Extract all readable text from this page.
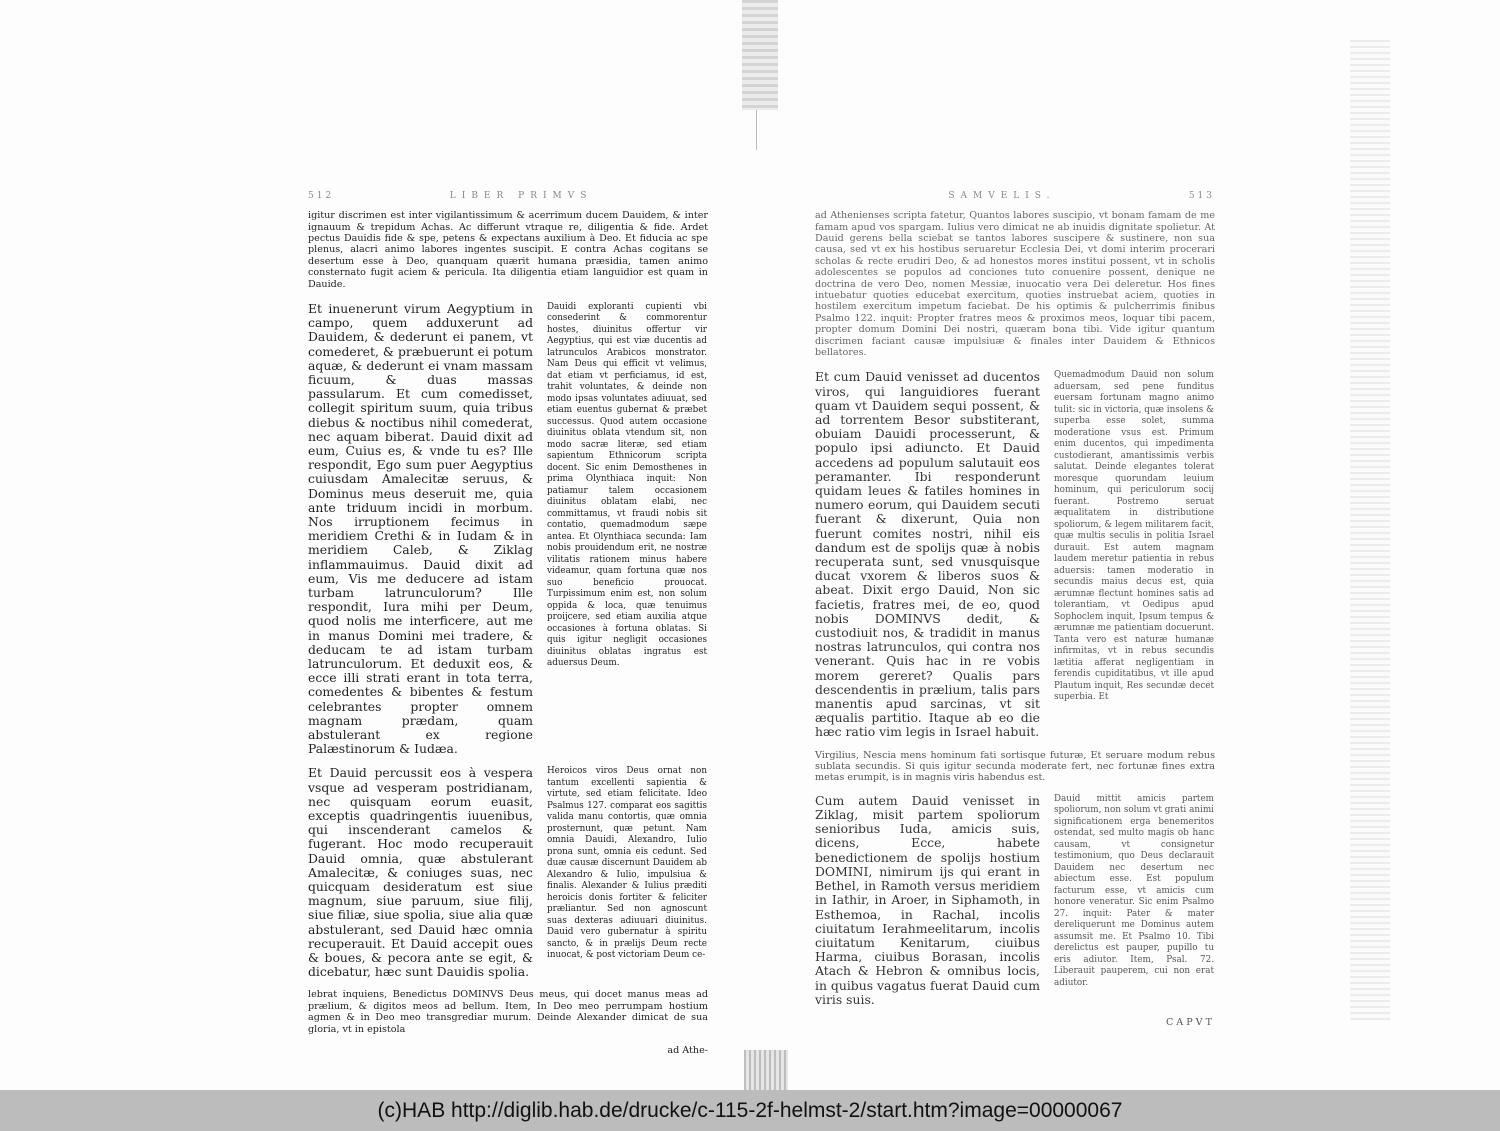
512	LIBER PRIMVS
igitur discrimen est inter vigilantissimum & acerrimum ducem Dauidem, & inter ignauum & trepidum Achas. Ac differunt vtraque re, diligentia & fide. Ardet pectus Dauidis fide & spe, petens & expectans auxilium à Deo. Et fiducia ac spe plenus, alacri animo labores ingentes suscipit. E contra Achas cogitans se desertum esse à Deo, quanquam quærit humana præsidia, tamen animo consternato fugit aciem & pericula. Ita diligentia etiam languidior est quam in Dauide.
Et inuenerunt virum Aegyptium in campo, quem adduxerunt ad Dauidem, & dederunt ei panem, vt comederet, & præbuerunt ei potum aquæ, & dederunt ei vnam massam ficuum, & duas massas passularum. Et cum comedisset, collegit spiritum suum, quia tribus diebus & noctibus nihil comederat, nec aquam biberat. Dauid dixit ad eum, Cuius es, & vnde tu es? Ille respondit, Ego sum puer Aegyptius cuiusdam Amalecitæ seruus, & Dominus meus deseruit me, quia ante triduum incidi in morbum. Nos irruptionem fecimus in meridiem Crethi & in Iudam & in meridiem Caleb, & Ziklag inflammauimus. Dauid dixit ad eum, Vis me deducere ad istam turbam latrunculorum? Ille respondit, Iura mihi per Deum, quod nolis me interficere, aut me in manus Domini mei tradere, & deducam te ad istam turbam latrunculorum. Et deduxit eos, & ecce illi strati erant in tota terra, comedentes & bibentes & festum celebrantes propter omnem magnam prædam, quam abstulerant ex regione Palæstinorum & Iudæa.
Dauidi exploranti cupienti vbi consederint & commorentur hostes, diuinitus offertur vir Aegyptius, qui est viæ ducentis ad latrunculos Arabicos monstrator. Nam Deus qui efficit vt velimus, dat etiam vt perficiamus, id est, trahit voluntates, & deinde non modo ipsas voluntates adiuuat, sed etiam euentus gubernat & præbet successus. Quod autem occasione diuinitus oblata vtendum sit, non modo sacræ literæ, sed etiam sapientum Ethnicorum scripta docent. Sic enim Demosthenes in prima Olynthiaca inquit: Non patiamur talem occasionem diuinitus oblatam elabi, nec committamus, vt fraudi nobis sit contatio, quemadmodum sæpe antea. Et Olynthiaca secunda: Iam nobis prouidendum erit, ne nostræ vilitatis rationem minus habere videamur, quam fortuna quæ nos suo beneficio prouocat. Turpissimum enim est, non solum oppida & loca, quæ tenuimus proijcere, sed etiam auxilia atque occasiones à fortuna oblatas. Si quis igitur negligit occasiones diuinitus oblatas ingratus est aduersus Deum.
Et Dauid percussit eos à vespera vsque ad vesperam postridianam, nec quisquam eorum euasit, exceptis quadringentis iuuenibus, qui inscenderant camelos & fugerant. Hoc modo recuperauit Dauid omnia, quæ abstulerant Amalecitæ, & coniuges suas, nec quicquam desideratum est siue magnum, siue paruum, siue filij, siue filiæ, siue spolia, siue alia quæ abstulerant, sed Dauid hæc omnia recuperauit. Et Dauid accepit oues & boues, & pecora ante se egit, & dicebatur, hæc sunt Dauidis spolia.
Heroicos viros Deus ornat non tantum excellenti sapientia & virtute, sed etiam felicitate. Ideo Psalmus 127. comparat eos sagittis valida manu contortis, quæ omnia prosternunt, quæ petunt. Nam omnia Dauidi, Alexandro, Iulio prona sunt, omnia eis cedunt. Sed duæ causæ discernunt Dauidem ab Alexandro & Iulio, impulsiua & finalis. Alexander & Iulius præditi heroicis donis fortiter & feliciter præliantur. Sed non agnoscunt suas dexteras adiuuari diuinitus. Dauid vero gubernatur à spiritu sancto, & in prælijs Deum recte inuocat, & post victoriam Deum ce-
lebrat inquiens, Benedictus DOMINVS Deus meus, qui docet manus meas ad prælium, & digitos meos ad bellum. Item, In Deo meo perrumpam hostium agmen & in Deo meo transgrediar murum. Deinde Alexander dimicat de sua gloria, vt in epistola
ad Athe-
SAMVELIS.	513
ad Athenienses scripta fatetur, Quantos labores suscipio, vt bonam famam de me famam apud vos spargam. Iulius vero dimicat ne ab inuidis dignitate spolietur. At Dauid gerens bella sciebat se tantos labores suscipere & sustinere, non sua causa, sed vt ex his hostibus seruaretur Ecclesia Dei, vt domi interim procerari scholas & recte erudiri Deo, & ad honestos mores institui possent, vt in scholis adolescentes se populos ad conciones tuto conuenire possent, denique ne doctrina de vero Deo, nomen Messiæ, inuocatio vera Dei deleretur. Hos fines intuebatur quoties educebat exercitum, quoties instruebat aciem, quoties in hostilem exercitum impetum faciebat. De his optimis & pulcherrimis finibus Psalmo 122. inquit: Propter fratres meos & proximos meos, loquar tibi pacem, propter domum Domini Dei nostri, quæram bona tibi. Vide igitur quantum discrimen faciant causæ impulsiuæ & finales inter Dauidem & Ethnicos bellatores.
Et cum Dauid venisset ad ducentos viros, qui languidiores fuerant quam vt Dauidem sequi possent, & ad torrentem Besor substiterant, obuiam Dauidi processerunt, & populo ipsi adiuncto. Et Dauid accedens ad populum salutauit eos peramanter. Ibi responderunt quidam leues & fatiles homines in numero eorum, qui Dauidem secuti fuerant & dixerunt, Quia non fuerunt comites nostri, nihil eis dandum est de spolijs quæ à nobis recuperata sunt, sed vnusquisque ducat vxorem & liberos suos & abeat. Dixit ergo Dauid, Non sic facietis, fratres mei, de eo, quod nobis DOMINVS dedit, & custodiuit nos, & tradidit in manus nostras latrunculos, qui contra nos venerant. Quis hac in re vobis morem gereret? Qualis pars descendentis in prælium, talis pars manentis apud sarcinas, vt sit æqualis partitio. Itaque ab eo die hæc ratio vim legis in Israel habuit.
Quemadmodum Dauid non solum aduersam, sed pene funditus euersam fortunam magno animo tulit: sic in victoria, quæ insolens & superba esse solet, summa moderatione vsus est. Primum enim ducentos, qui impedimenta custodierant, amantissimis verbis salutat. Deinde elegantes tolerat moresque quorundam leuium hominum, qui periculorum socij fuerant. Postremo seruat æqualitatem in distributione spoliorum, & legem militarem facit, quæ multis seculis in politia Israel durauit. Est autem magnam laudem meretur patientia in rebus aduersis: tamen moderatio in secundis maius decus est, quia ærumnæ flectunt homines satis ad tolerantiam, vt Oedipus apud Sophoclem inquit, Ipsum tempus & ærumnæ me patientiam docuerunt. Tanta vero est naturæ humanæ infirmitas, vt in rebus secundis lætitia afferat negligentiam in ferendis cupiditatibus, vt ille apud Plautum inquit, Res secundæ decet superbia. Et
Virgilius, Nescia mens hominum fati sortisque futuræ, Et seruare modum rebus sublata secundis. Si quis igitur secunda moderate fert, nec fortunæ fines extra metas erumpit, is in magnis viris habendus est.
Cum autem Dauid venisset in Ziklag, misit partem spoliorum senioribus Iuda, amicis suis, dicens, Ecce, habete benedictionem de spolijs hostium DOMINI, nimirum ijs qui erant in Bethel, in Ramoth versus meridiem in Iathir, in Aroer, in Siphamoth, in Esthemoa, in Rachal, incolis ciuitatum Ierahmeelitarum, incolis ciuitatum Kenitarum, ciuibus Harma, ciuibus Borasan, incolis Atach & Hebron & omnibus locis, in quibus vagatus fuerat Dauid cum viris suis.
Dauid mittit amicis partem spoliorum, non solum vt grati animi significationem erga benemeritos ostendat, sed multo magis ob hanc causam, vt consignetur testimonium, quo Deus declarauit Dauidem nec desertum nec abiectum esse. Est populum facturum esse, vt amicis cum honore veneratur. Sic enim Psalmo 27. inquit: Pater & mater dereliquerunt me Dominus autem assumsit me. Et Psalmo 10. Tibi derelictus est pauper, pupillo tu eris adiutor. Item, Psal. 72. Liberauit pauperem, cui non erat adiutor.
CAPVT
(c)HAB http://diglib.hab.de/drucke/c-115-2f-helmst-2/start.htm?image=00000067
